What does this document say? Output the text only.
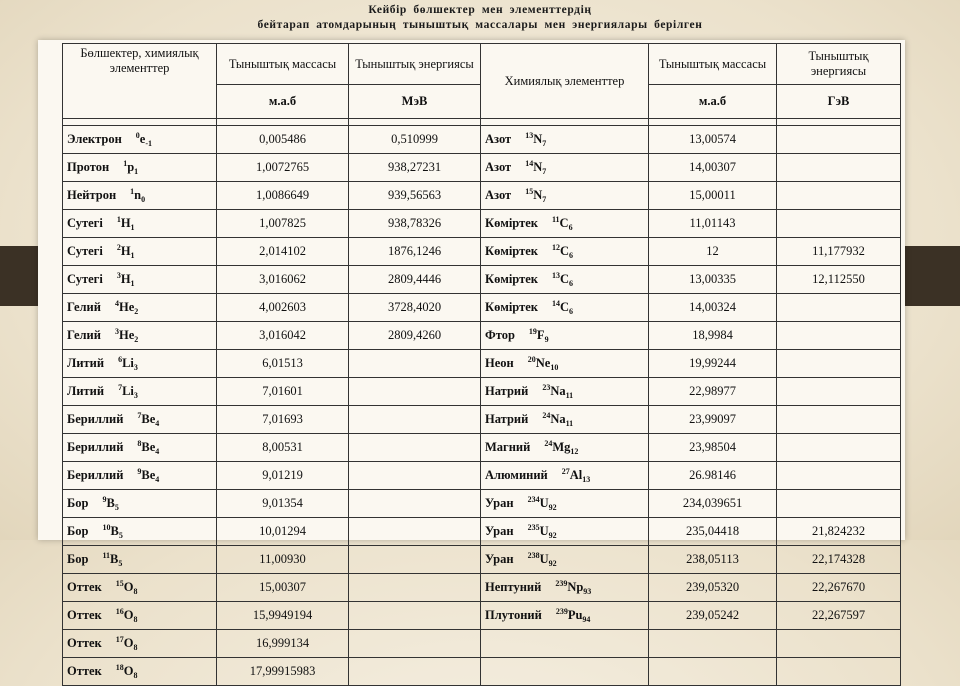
Кейбір бөлшектер мен элементтердің
бейтарап атомдарының тыныштық массалары мен энергиялары берілген
Бөлшектер, химиялық элементтер	Тыныштық массасы	Тыныштық энергиясы	Химиялық элементтер	Тыныштық массасы	Тыныштық энергиясы
	м.а.б	МэВ		м.а.б	ГэВ

Электрон $^0e_{-1}$	0,005486	0,510999	Азот $^{13}N_7$	13,00574	
Протон $^1p_1$	1,0072765	938,27231	Азот $^{14}N_7$	14,00307	
Нейтрон $^1n_0$	1,0086649	939,56563	Азот $^{15}N_7$	15,00011	
Сутегі $^1H_1$	1,007825	938,78326	Көміртек $^{11}C_6$	11,01143	
Сутегі $^2H_1$	2,014102	1876,1246	Көміртек $^{12}C_6$	12	11,177932
Сутегі $^3H_1$	3,016062	2809,4446	Көміртек $^{13}C_6$	13,00335	12,112550
Гелий $^4He_2$	4,002603	3728,4020	Көміртек $^{14}C_6$	14,00324	
Гелий $^3He_2$	3,016042	2809,4260	Фтор $^{19}F_9$	18,9984	
Литий $^6Li_3$	6,01513		Неон $^{20}Ne_{10}$	19,99244	
Литий $^7Li_3$	7,01601		Натрий $^{23}Na_{11}$	22,98977	
Бериллий $^7Be_4$	7,01693		Натрий $^{24}Na_{11}$	23,99097	
Бериллий $^8Be_4$	8,00531		Магний $^{24}Mg_{12}$	23,98504	
Бериллий $^9Be_4$	9,01219		Алюминий $^{27}Al_{13}$	26.98146	
Бор $^9B_5$	9,01354		Уран $^{234}U_{92}$	234,039651	
Бор $^{10}B_5$	10,01294		Уран $^{235}U_{92}$	235,04418	21,824232
Бор $^{11}B_5$	11,00930		Уран $^{238}U_{92}$	238,05113	22,174328
Оттек $^{15}O_8$	15,00307		Нептуний $^{239}Np_{93}$	239,05320	22,267670
Оттек $^{16}O_8$	15,9949194		Плутоний $^{239}Pu_{94}$	239,05242	22,267597
Оттек $^{17}O_8$	16,999134				
Оттек $^{18}O_8$	17,99915983				
